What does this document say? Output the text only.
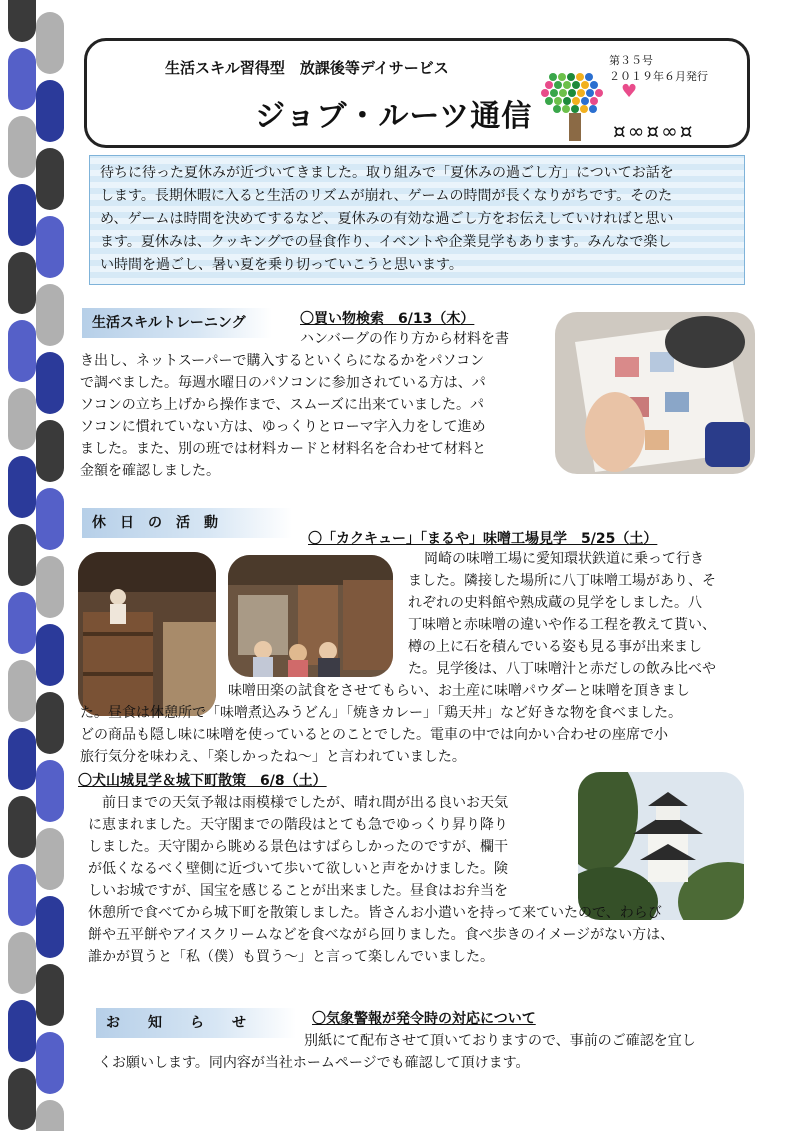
生活スキル習得型　放課後等デイサービス
ジョブ・ルーツ通信
第３５号
２０１９年６月発行
♥
¤∞¤∞¤
待ちに待った夏休みが近づいてきました。取り組みで「夏休みの過ごし方」についてお話を
します。長期休暇に入ると生活のリズムが崩れ、ゲームの時間が長くなりがちです。そのた
め、ゲームは時間を決めてするなど、夏休みの有効な過ごし方をお伝えしていければと思い
ます。夏休みは、クッキングでの昼食作り、イベントや企業見学もあります。みんなで楽し
い時間を過ごし、暑い夏を乗り切っていこうと思います。
生活スキルトレーニング	〇買い物検索　6/13（木）
ハンバーグの作り方から材料を書
き出し、ネットスーパーで購入するといくらになるかをパソコン
で調べました。毎週水曜日のパソコンに参加されている方は、パ
ソコンの立ち上げから操作まで、スムーズに出来ていました。パ
ソコンに慣れていない方は、ゆっくりとローマ字入力をして進め
ました。また、別の班では材料カードと材料名を合わせて材料と
金額を確認しました。
休　日　の　活　動
〇「カクキュー」「まるや」味噌工場見学　5/25（土）
岡崎の味噌工場に愛知環状鉄道に乗って行き
ました。隣接した場所に八丁味噌工場があり、そ
れぞれの史料館や熟成蔵の見学をしました。八
丁味噌と赤味噌の違いや作る工程を教えて貰い、
樽の上に石を積んでいる姿も見る事が出来まし
た。見学後は、八丁味噌汁と赤だしの飲み比べや
味噌田楽の試食をさせてもらい、お土産に味噌パウダーと味噌を頂きまし
た。昼食は休憩所で「味噌煮込みうどん」「焼きカレー」「鶏天丼」など好きな物を食べました。
どの商品も隠し味に味噌を使っているとのことでした。電車の中では向かい合わせの座席で小
旅行気分を味わえ、「楽しかったね～」と言われていました。
〇犬山城見学＆城下町散策　6/8（土）
前日までの天気予報は雨模様でしたが、晴れ間が出る良いお天気
に恵まれました。天守閣までの階段はとても急でゆっくり昇り降り
しました。天守閣から眺める景色はすばらしかったのですが、欄干
が低くなるべく壁側に近づいて歩いて欲しいと声をかけました。険
しいお城ですが、国宝を感じることが出来ました。昼食はお弁当を
休憩所で食べてから城下町を散策しました。皆さんお小遣いを持って来ていたので、わらび
餅や五平餅やアイスクリームなどを食べながら回りました。食べ歩きのイメージがない方は、
誰かが買うと「私（僕）も買う～」と言って楽しんでいました。
お　　知　　ら　　せ	〇気象警報が発令時の対応について
別紙にて配布させて頂いておりますので、事前のご確認を宜し
くお願いします。同内容が当社ホームページでも確認して頂けます。
